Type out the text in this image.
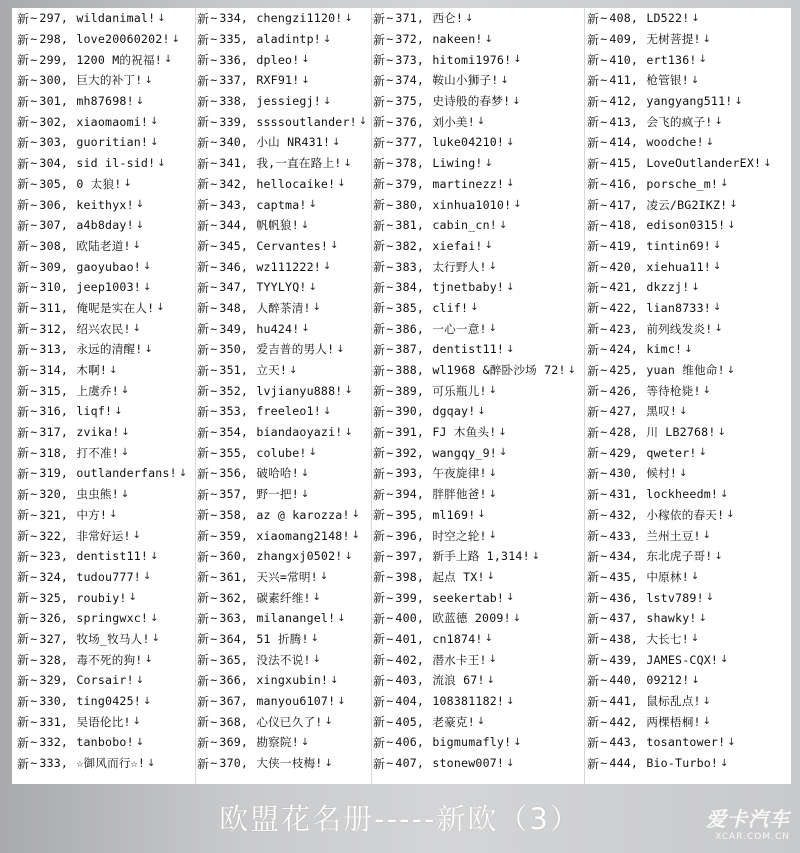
新 ~ 297,
wildanimal! ↓
新 ~ 298,
love20060202! ↓
新 ~ 299,
1200 M的祝福! ↓
新 ~ 300,
巨大的补丁! ↓
新 ~ 301,
mh87698! ↓
新 ~ 302,
xiaomaomi! ↓
新 ~ 303,
guoritian! ↓
新 ~ 304,
sid il-sid! ↓
新 ~ 305,
0 太狼! ↓
新 ~ 306,
keithyx! ↓
新 ~ 307,
a4b8day! ↓
新 ~ 308,
欧陆老道! ↓
新 ~ 309,
gaoyubao! ↓
新 ~ 310,
jeep1003! ↓
新 ~ 311,
俺呢是实在人! ↓
新 ~ 312,
绍兴农民! ↓
新 ~ 313,
永远的清醒! ↓
新 ~ 314,
木啊! ↓
新 ~ 315,
上虞乔! ↓
新 ~ 316,
liqf! ↓
新 ~ 317,
zvika! ↓
新 ~ 318,
打不准! ↓
新 ~ 319,
outlanderfans! ↓
新 ~ 320,
虫虫熊! ↓
新 ~ 321,
中方! ↓
新 ~ 322,
非常好运! ↓
新 ~ 323,
dentist11! ↓
新 ~ 324,
tudou777! ↓
新 ~ 325,
roubiy! ↓
新 ~ 326,
springwxc! ↓
新 ~ 327,
牧场_牧马人! ↓
新 ~ 328,
毒不死的狗! ↓
新 ~ 329,
Corsair! ↓
新 ~ 330,
ting0425! ↓
新 ~ 331,
吴语伦比! ↓
新 ~ 332,
tanbobo! ↓
新 ~ 333,
☆御风而行☆! ↓
新 ~ 334,
chengzi1120! ↓
新 ~ 335,
aladintp! ↓
新 ~ 336,
dpleo! ↓
新 ~ 337,
RXF91! ↓
新 ~ 338,
jessiegj! ↓
新 ~ 339,
ssssoutlander! ↓
新 ~ 340,
小山 NR431! ↓
新 ~ 341,
我,一直在路上! ↓
新 ~ 342,
hellocaike! ↓
新 ~ 343,
captma! ↓
新 ~ 344,
帆帆狼! ↓
新 ~ 345,
Cervantes! ↓
新 ~ 346,
wz111222! ↓
新 ~ 347,
TYYLYQ! ↓
新 ~ 348,
人醉茶清! ↓
新 ~ 349,
hu424! ↓
新 ~ 350,
爱吉普的男人! ↓
新 ~ 351,
立天! ↓
新 ~ 352,
lvjianyu888! ↓
新 ~ 353,
freeleo1! ↓
新 ~ 354,
biandaoyazi! ↓
新 ~ 355,
colube! ↓
新 ~ 356,
破哈哈! ↓
新 ~ 357,
野一把! ↓
新 ~ 358,
az @ karozza! ↓
新 ~ 359,
xiaomang2148! ↓
新 ~ 360,
zhangxj0502! ↓
新 ~ 361,
天兴=常明! ↓
新 ~ 362,
碳素纤维! ↓
新 ~ 363,
milanangel! ↓
新 ~ 364,
51 折腾! ↓
新 ~ 365,
没法不说! ↓
新 ~ 366,
xingxubin! ↓
新 ~ 367,
manyou6107! ↓
新 ~ 368,
心仪已久了! ↓
新 ~ 369,
勘察院! ↓
新 ~ 370,
大侠一枝梅! ↓
新 ~ 371,
西仑! ↓
新 ~ 372,
nakeen! ↓
新 ~ 373,
hitomi1976! ↓
新 ~ 374,
鞍山小狮子! ↓
新 ~ 375,
史诗般的春梦! ↓
新 ~ 376,
刘小美! ↓
新 ~ 377,
luke04210! ↓
新 ~ 378,
Liwing! ↓
新 ~ 379,
martinezz! ↓
新 ~ 380,
xinhua1010! ↓
新 ~ 381,
cabin_cn! ↓
新 ~ 382,
xiefai! ↓
新 ~ 383,
太行野人! ↓
新 ~ 384,
tjnetbaby! ↓
新 ~ 385,
clif! ↓
新 ~ 386,
一心一意! ↓
新 ~ 387,
dentist11! ↓
新 ~ 388,
wl1968 &醉卧沙场 72! ↓
新 ~ 389,
可乐瓶儿! ↓
新 ~ 390,
dgqay! ↓
新 ~ 391,
FJ 木鱼头! ↓
新 ~ 392,
wangqy_9! ↓
新 ~ 393,
午夜旋律! ↓
新 ~ 394,
胖胖他爸! ↓
新 ~ 395,
ml169! ↓
新 ~ 396,
时空之轮! ↓
新 ~ 397,
新手上路 1,314! ↓
新 ~ 398,
起点 TX! ↓
新 ~ 399,
seekertab! ↓
新 ~ 400,
欧蓝德 2009! ↓
新 ~ 401,
cn1874! ↓
新 ~ 402,
潜水卡王! ↓
新 ~ 403,
流浪 67! ↓
新 ~ 404,
108381182! ↓
新 ~ 405,
老豪克! ↓
新 ~ 406,
bigmumafly! ↓
新 ~ 407,
stonew007! ↓
新 ~ 408,
LD522! ↓
新 ~ 409,
无树菩提! ↓
新 ~ 410,
ert136! ↓
新 ~ 411,
枪管银! ↓
新 ~ 412,
yangyang511! ↓
新 ~ 413,
会飞的疯子! ↓
新 ~ 414,
woodche! ↓
新 ~ 415,
LoveOutlanderEX! ↓
新 ~ 416,
porsche_m! ↓
新 ~ 417,
凌云/BG2IKZ! ↓
新 ~ 418,
edison0315! ↓
新 ~ 419,
tintin69! ↓
新 ~ 420,
xiehua11! ↓
新 ~ 421,
dkzzj! ↓
新 ~ 422,
lian8733! ↓
新 ~ 423,
前列线发炎! ↓
新 ~ 424,
kimc! ↓
新 ~ 425,
yuan 维他命! ↓
新 ~ 426,
等待枪毙! ↓
新 ~ 427,
黑叹! ↓
新 ~ 428,
川 LB2768! ↓
新 ~ 429,
qweter! ↓
新 ~ 430,
候村! ↓
新 ~ 431,
lockheedm! ↓
新 ~ 432,
小稼依的春天! ↓
新 ~ 433,
兰州土豆! ↓
新 ~ 434,
东北虎子哥! ↓
新 ~ 435,
中原林! ↓
新 ~ 436,
lstv789! ↓
新 ~ 437,
shawky! ↓
新 ~ 438,
大长七! ↓
新 ~ 439,
JAMES-CQX! ↓
新 ~ 440,
09212! ↓
新 ~ 441,
鼠标乱点! ↓
新 ~ 442,
两棵梧桐! ↓
新 ~ 443,
tosantower! ↓
新 ~ 444,
Bio-Turbo! ↓
欧盟花名册-----新欧（3）	爱卡汽车
XCAR.COM.CN
